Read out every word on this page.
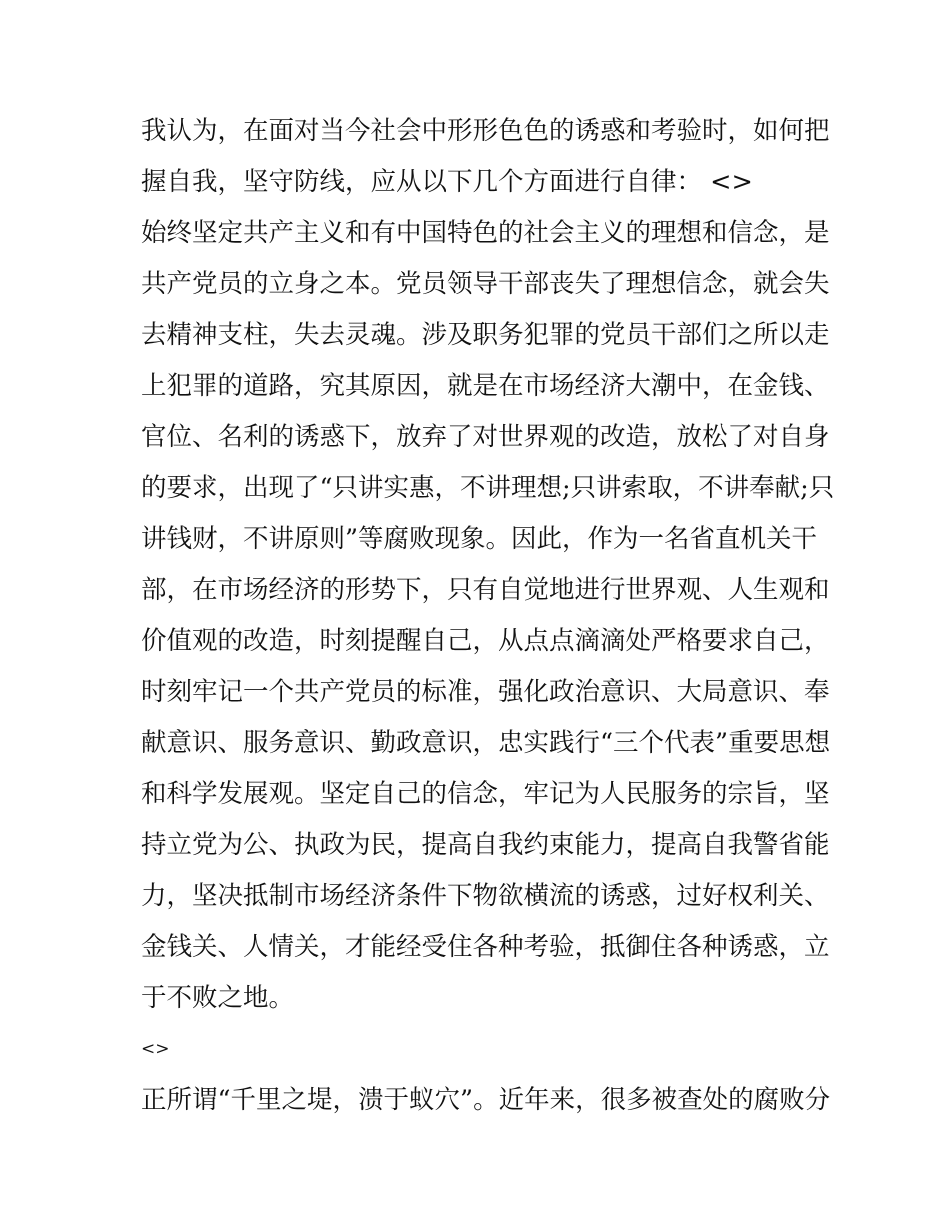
我认为，在面对当今社会中形形色色的诱惑和考验时，如何把
握自我，坚守防线，应从以下几个方面进行自律： <>
始终坚定共产主义和有中国特色的社会主义的理想和信念，是
共产党员的立身之本。党员领导干部丧失了理想信念，就会失
去精神支柱，失去灵魂。涉及职务犯罪的党员干部们之所以走
上犯罪的道路，究其原因，就是在市场经济大潮中，在金钱、
官位、名利的诱惑下，放弃了对世界观的改造，放松了对自身
的要求，出现了“只讲实惠，不讲理想;只讲索取，不讲奉献;只
讲钱财，不讲原则”等腐败现象。因此，作为一名省直机关干
部，在市场经济的形势下，只有自觉地进行世界观、人生观和
价值观的改造，时刻提醒自己，从点点滴滴处严格要求自己，
时刻牢记一个共产党员的标准，强化政治意识、大局意识、奉
献意识、服务意识、勤政意识，忠实践行“三个代表”重要思想
和科学发展观。坚定自己的信念，牢记为人民服务的宗旨，坚
持立党为公、执政为民，提高自我约束能力，提高自我警省能
力，坚决抵制市场经济条件下物欲横流的诱惑，过好权利关、
金钱关、人情关，才能经受住各种考验，抵御住各种诱惑，立
于不败之地。
<>
正所谓“千里之堤，溃于蚁穴”。近年来，很多被查处的腐败分
